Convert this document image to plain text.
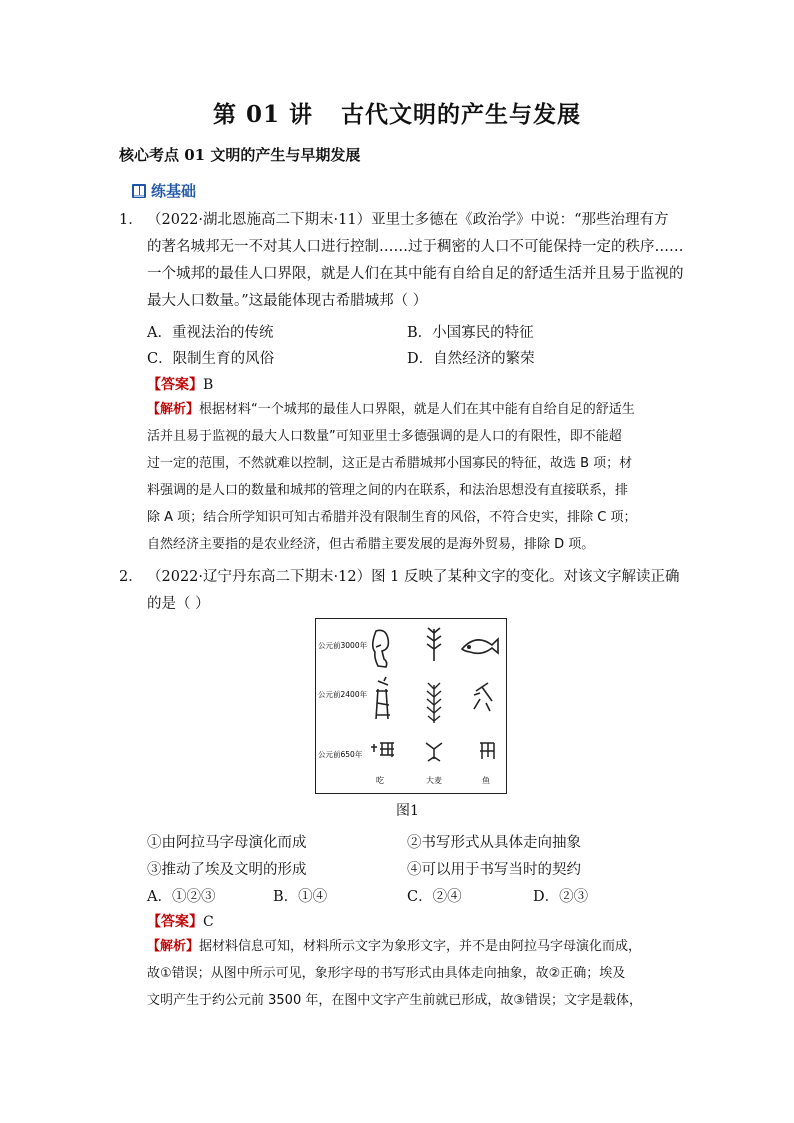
第 01 讲 古代文明的产生与发展
核心考点 01 文明的产生与早期发展
练基础
1． （2022·湖北恩施高二下期末·11）亚里士多德在《政治学》中说：“那些治理有方
的著名城邦无一不对其人口进行控制……过于稠密的人口不可能保持一定的秩序……
一个城邦的最佳人口界限，就是人们在其中能有自给自足的舒适生活并且易于监视的
最大人口数量。”这最能体现古希腊城邦（ ）
A．重视法治的传统	B．小国寡民的特征
C．限制生育的风俗	D．自然经济的繁荣
【答案】B
【解析】根据材料“一个城邦的最佳人口界限，就是人们在其中能有自给自足的舒适生
活并且易于监视的最大人口数量”可知亚里士多德强调的是人口的有限性，即不能超
过一定的范围，不然就难以控制，这正是古希腊城邦小国寡民的特征，故选 B 项；材
料强调的是人口的数量和城邦的管理之间的内在联系，和法治思想没有直接联系，排
除 A 项；结合所学知识可知古希腊并没有限制生育的风俗，不符合史实，排除 C 项；
自然经济主要指的是农业经济，但古希腊主要发展的是海外贸易，排除 D 项。
2． （2022·辽宁丹东高二下期末·12）图 1 反映了某种文字的变化。对该文字解读正确
的是（ ）
公元前3000年
公元前2400年
公元前650年
吃	大麦	鱼
图1
①由阿拉马字母演化而成	②书写形式从具体走向抽象
③推动了埃及文明的形成	④可以用于书写当时的契约
A．①②③	B．①④	C．②④	D．②③
【答案】C
【解析】据材料信息可知，材料所示文字为象形文字，并不是由阿拉马字母演化而成，
故①错误；从图中所示可见，象形字母的书写形式由具体走向抽象，故②正确；埃及
文明产生于约公元前 3500 年，在图中文字产生前就已形成，故③错误；文字是载体，
